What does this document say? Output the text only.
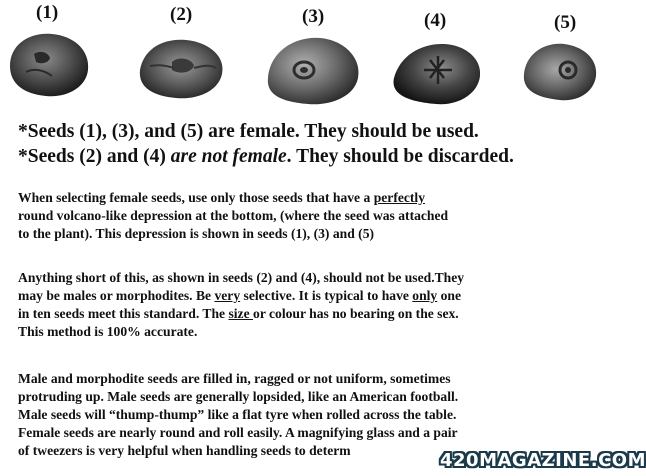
(1)	(2)	(3)	(4)	(5)
*Seeds (1), (3), and (5) are female. They should be used.
*Seeds (2) and (4) are not female. They should be discarded.
When selecting female seeds, use only those seeds that have a perfectly
round volcano-like depression at the bottom, (where the seed was attached
to the plant). This depression is shown in seeds (1), (3) and (5)
Anything short of this, as shown in seeds (2) and (4), should not be used.They
may be males or morphodites. Be very selective. It is typical to have only one
in ten seeds meet this standard. The size or colour has no bearing on the sex.
This method is 100% accurate.
Male and morphodite seeds are filled in, ragged or not uniform, sometimes
protruding up. Male seeds are generally lopsided, like an American football.
Male seeds will “thump-thump” like a flat tyre when rolled across the table.
Female seeds are nearly round and roll easily. A magnifying glass and a pair
of tweezers is very helpful when handling seeds to determ	420MAGAZINE.COM
